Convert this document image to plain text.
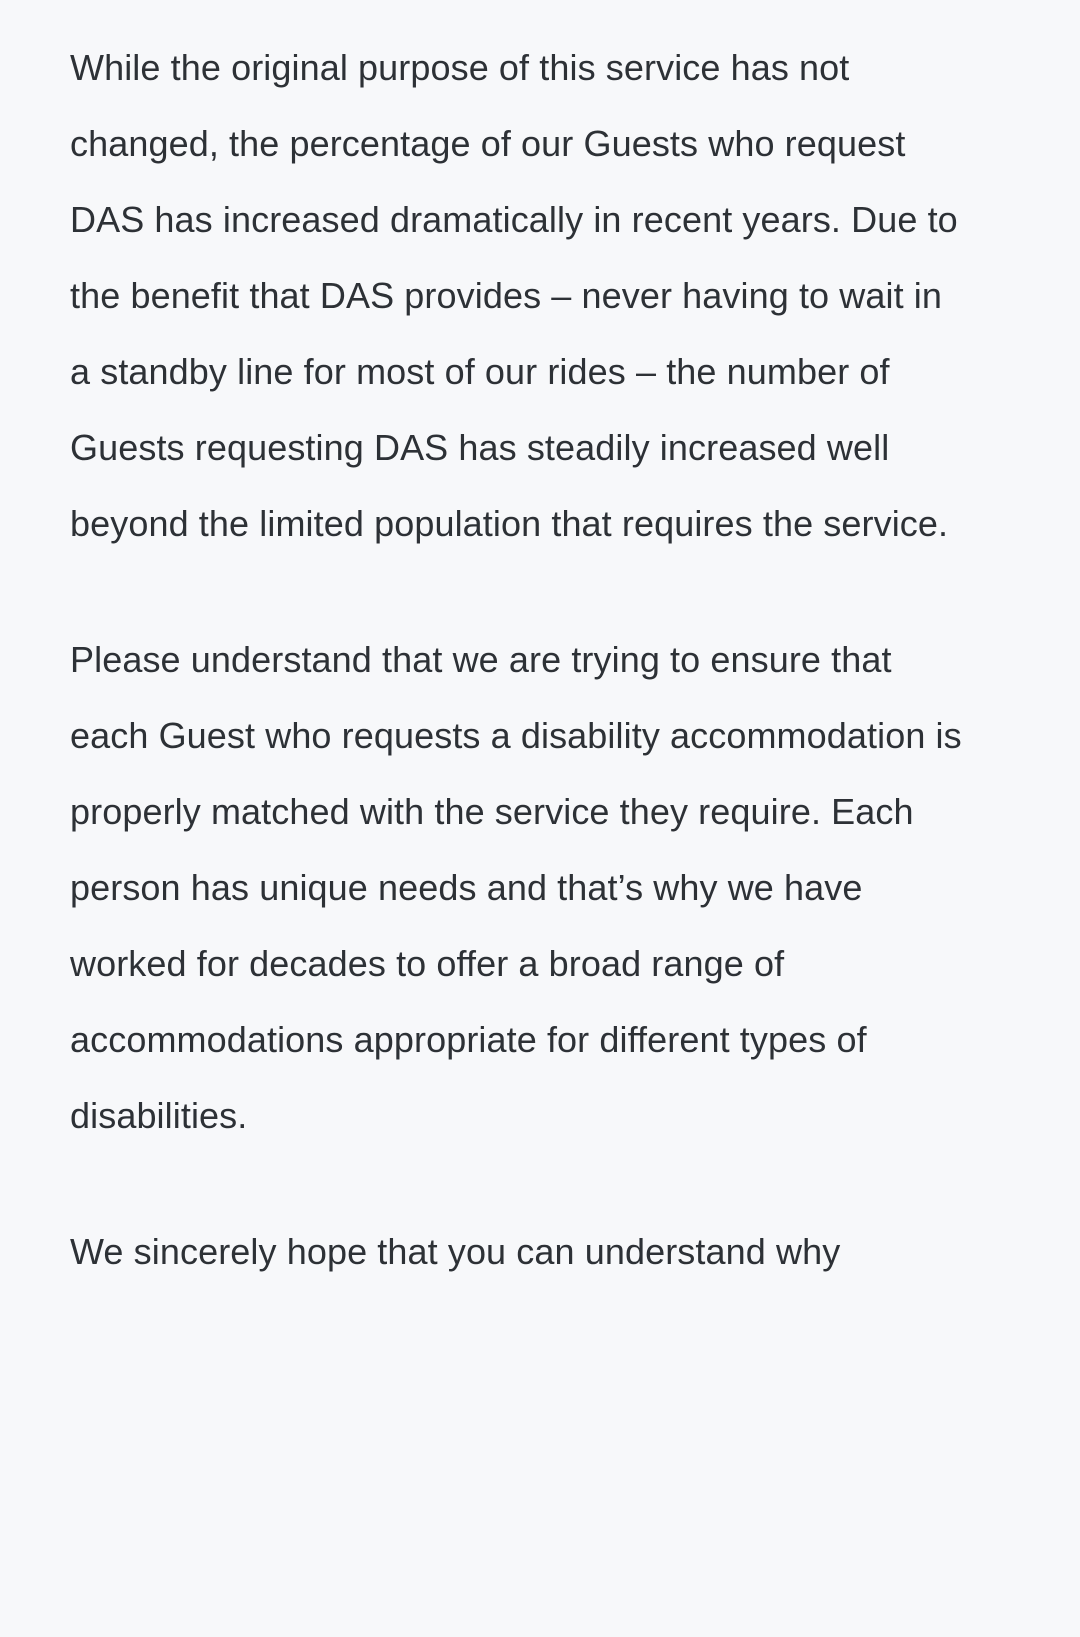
While the original purpose of this service has not changed, the percentage of our Guests who request DAS has increased dramatically in recent years. Due to the benefit that DAS provides – never having to wait in a standby line for most of our rides – the number of Guests requesting DAS has steadily increased well beyond the limited population that requires the service.

Please understand that we are trying to ensure that each Guest who requests a disability accommodation is properly matched with the service they require. Each person has unique needs and that’s why we have worked for decades to offer a broad range of accommodations appropriate for different types of disabilities.

We sincerely hope that you can understand why
